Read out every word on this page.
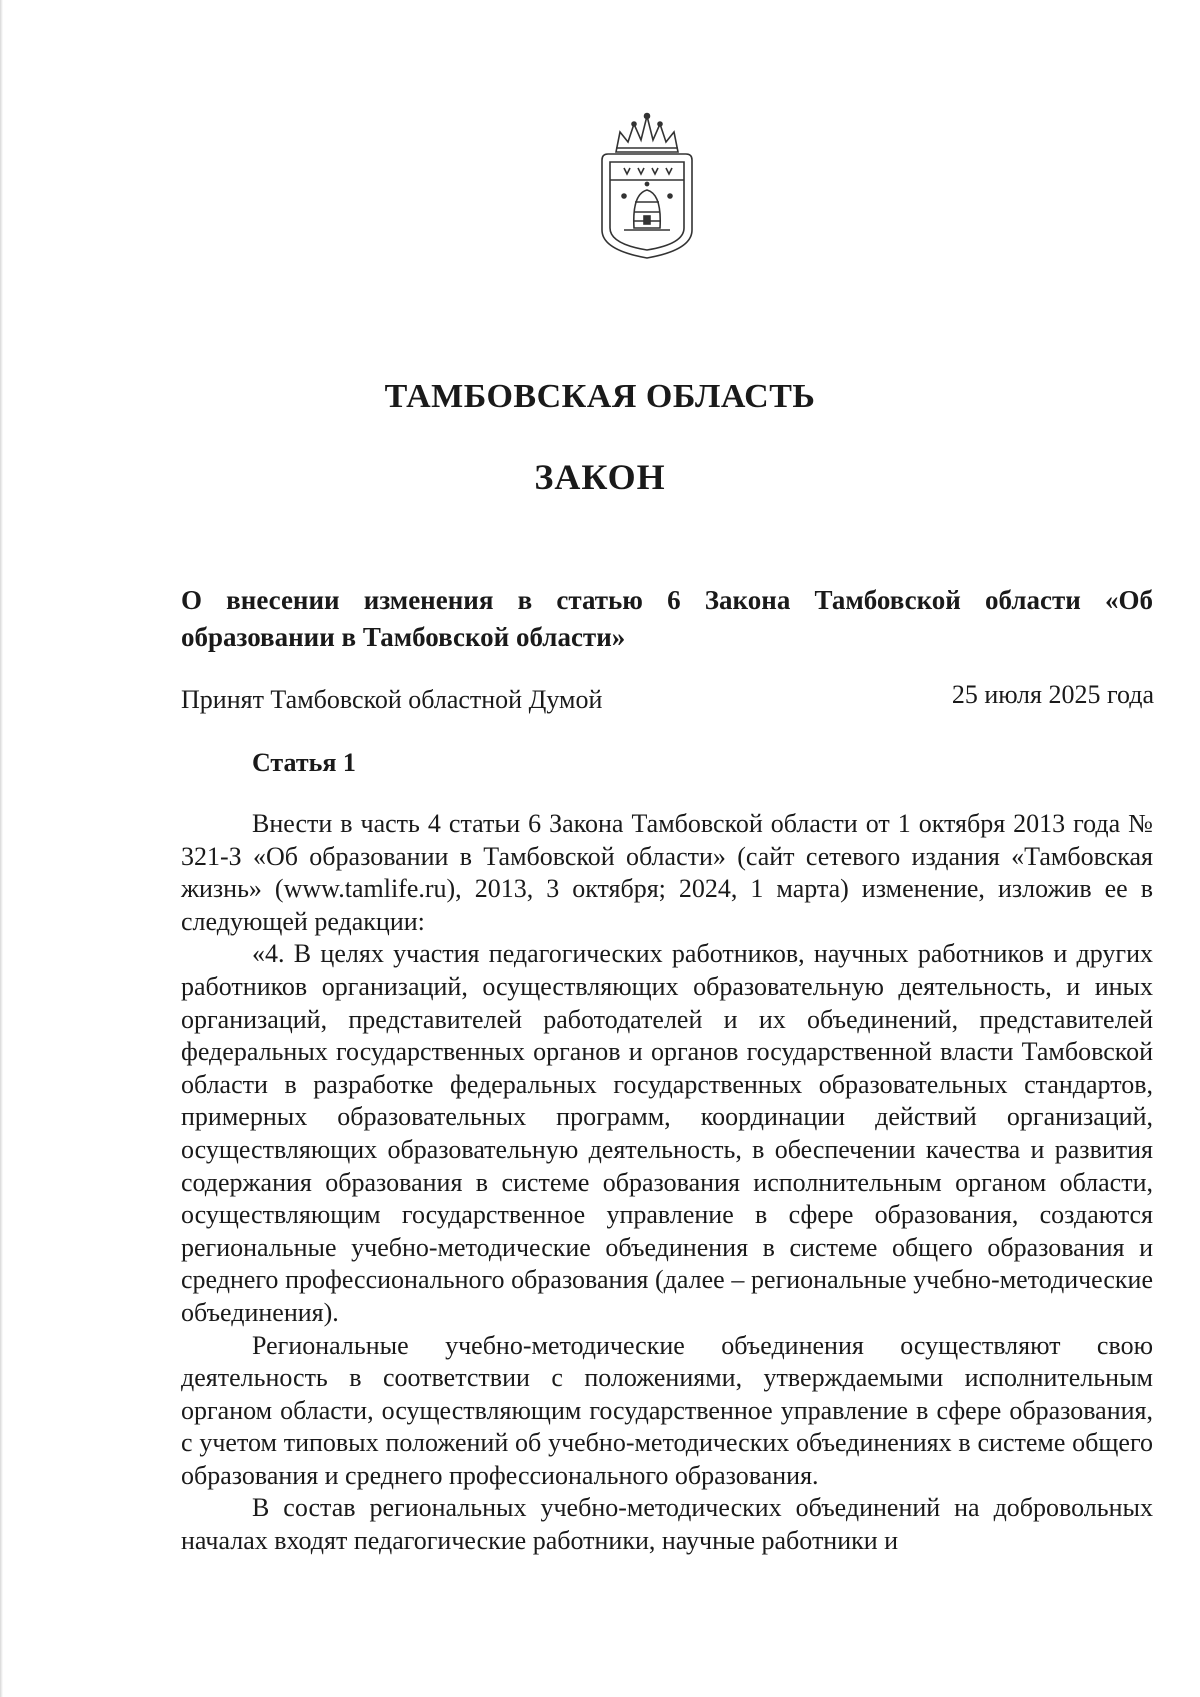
ТАМБОВСКАЯ ОБЛАСТЬ
ЗАКОН
О внесении изменения в статью 6 Закона Тамбовской области «Об образовании в Тамбовской области»
Принят Тамбовской областной Думой	25 июля 2025 года
Статья 1

Внести в часть 4 статьи 6 Закона Тамбовской области от 1 октября 2013 года № 321-З «Об образовании в Тамбовской области» (сайт сетевого издания «Тамбовская жизнь» (www.tamlife.ru), 2013, 3 октября; 2024, 1 марта) изменение, изложив ее в следующей редакции:

«4. В целях участия педагогических работников, научных работников и других работников организаций, осуществляющих образовательную деятельность, и иных организаций, представителей работодателей и их объединений, представителей федеральных государственных органов и органов государственной власти Тамбовской области в разработке федеральных государственных образовательных стандартов, примерных образовательных программ, координации действий организаций, осуществляющих образовательную деятельность, в обеспечении качества и развития содержания образования в системе образования исполнительным органом области, осуществляющим государственное управление в сфере образования, создаются региональные учебно-методические объединения в системе общего образования и среднего профессионального образования (далее – региональные учебно-методические объединения).

Региональные учебно-методические объединения осуществляют свою деятельность в соответствии с положениями, утверждаемыми исполнительным органом области, осуществляющим государственное управление в сфере образования, с учетом типовых положений об учебно-методических объединениях в системе общего образования и среднего профессионального образования.

В состав региональных учебно-методических объединений на добровольных началах входят педагогические работники, научные работники и
